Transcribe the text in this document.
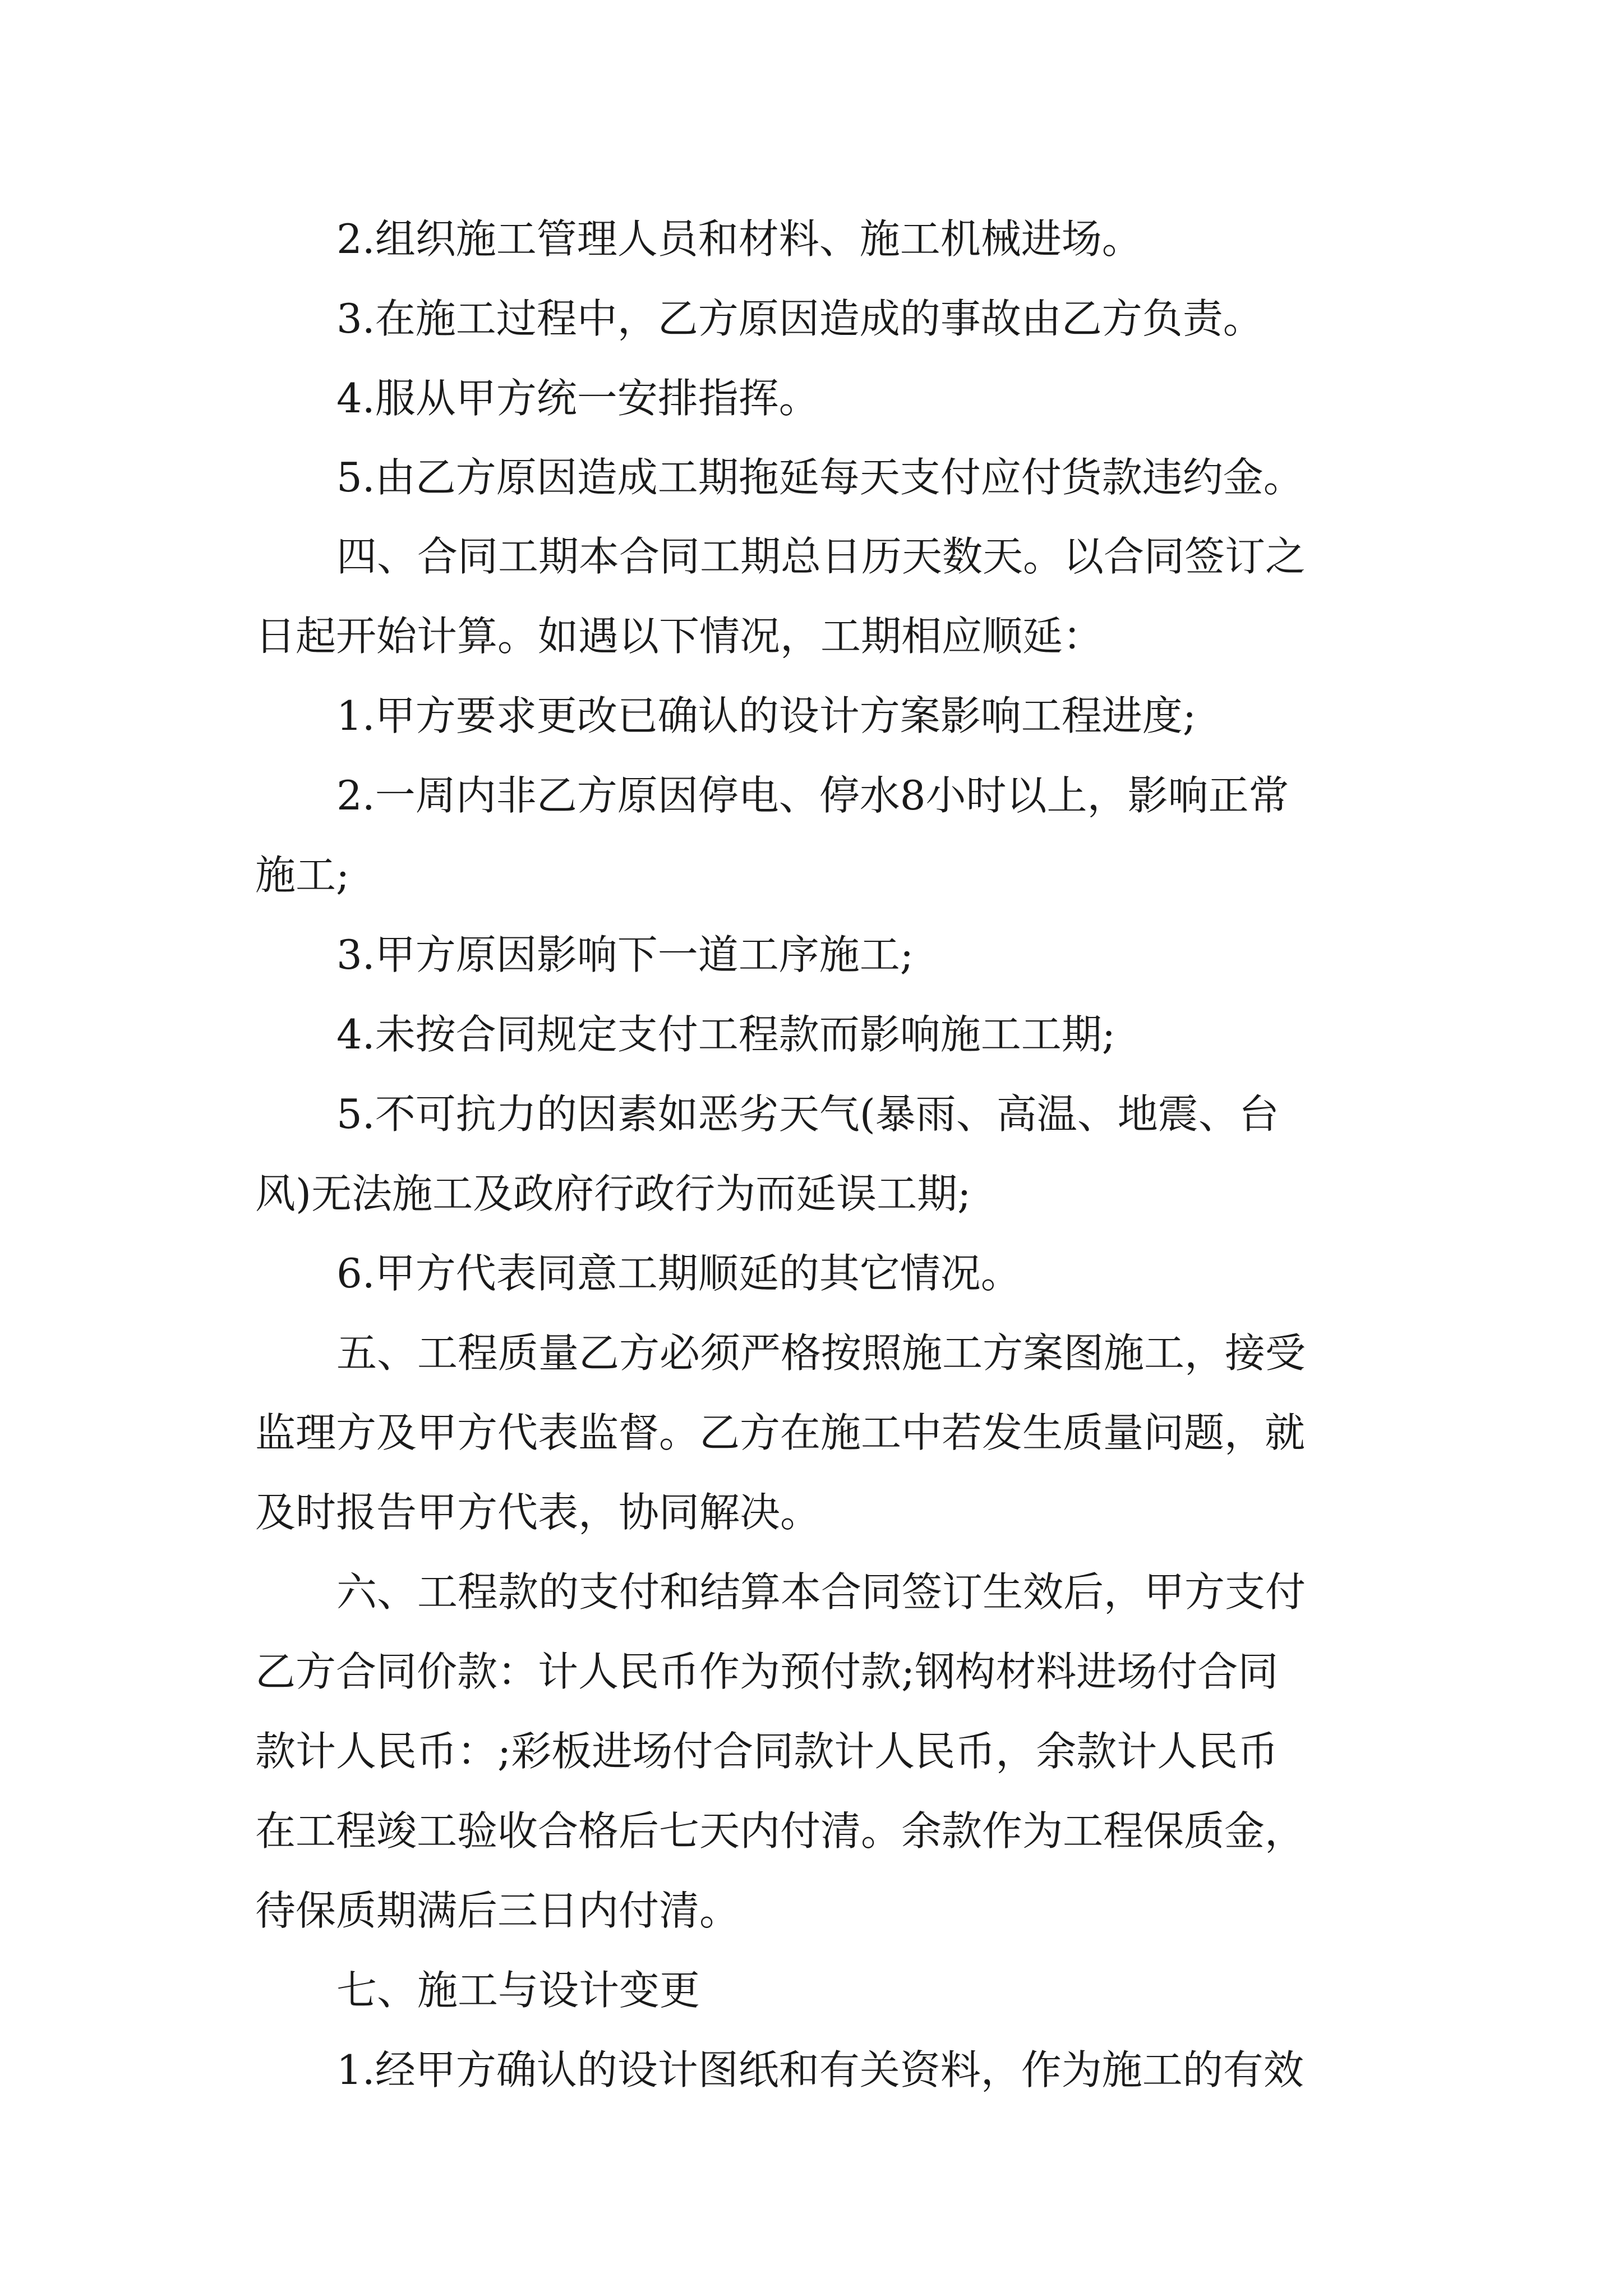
2.组织施工管理人员和材料、施工机械进场。
3.在施工过程中，乙方原因造成的事故由乙方负责。
4.服从甲方统一安排指挥。
5.由乙方原因造成工期拖延每天支付应付货款违约金。
四、合同工期本合同工期总日历天数天。以合同签订之
日起开始计算。如遇以下情况，工期相应顺延：
1.甲方要求更改已确认的设计方案影响工程进度;
2.一周内非乙方原因停电、停水8小时以上，影响正常
施工;
3.甲方原因影响下一道工序施工;
4.未按合同规定支付工程款而影响施工工期;
5.不可抗力的因素如恶劣天气(暴雨、高温、地震、台
风)无法施工及政府行政行为而延误工期;
6.甲方代表同意工期顺延的其它情况。
五、工程质量乙方必须严格按照施工方案图施工，接受
监理方及甲方代表监督。乙方在施工中若发生质量问题，就
及时报告甲方代表，协同解决。
六、工程款的支付和结算本合同签订生效后，甲方支付
乙方合同价款：计人民币作为预付款;钢构材料进场付合同
款计人民币：;彩板进场付合同款计人民币，余款计人民币
在工程竣工验收合格后七天内付清。余款作为工程保质金，
待保质期满后三日内付清。
七、施工与设计变更
1.经甲方确认的设计图纸和有关资料，作为施工的有效
